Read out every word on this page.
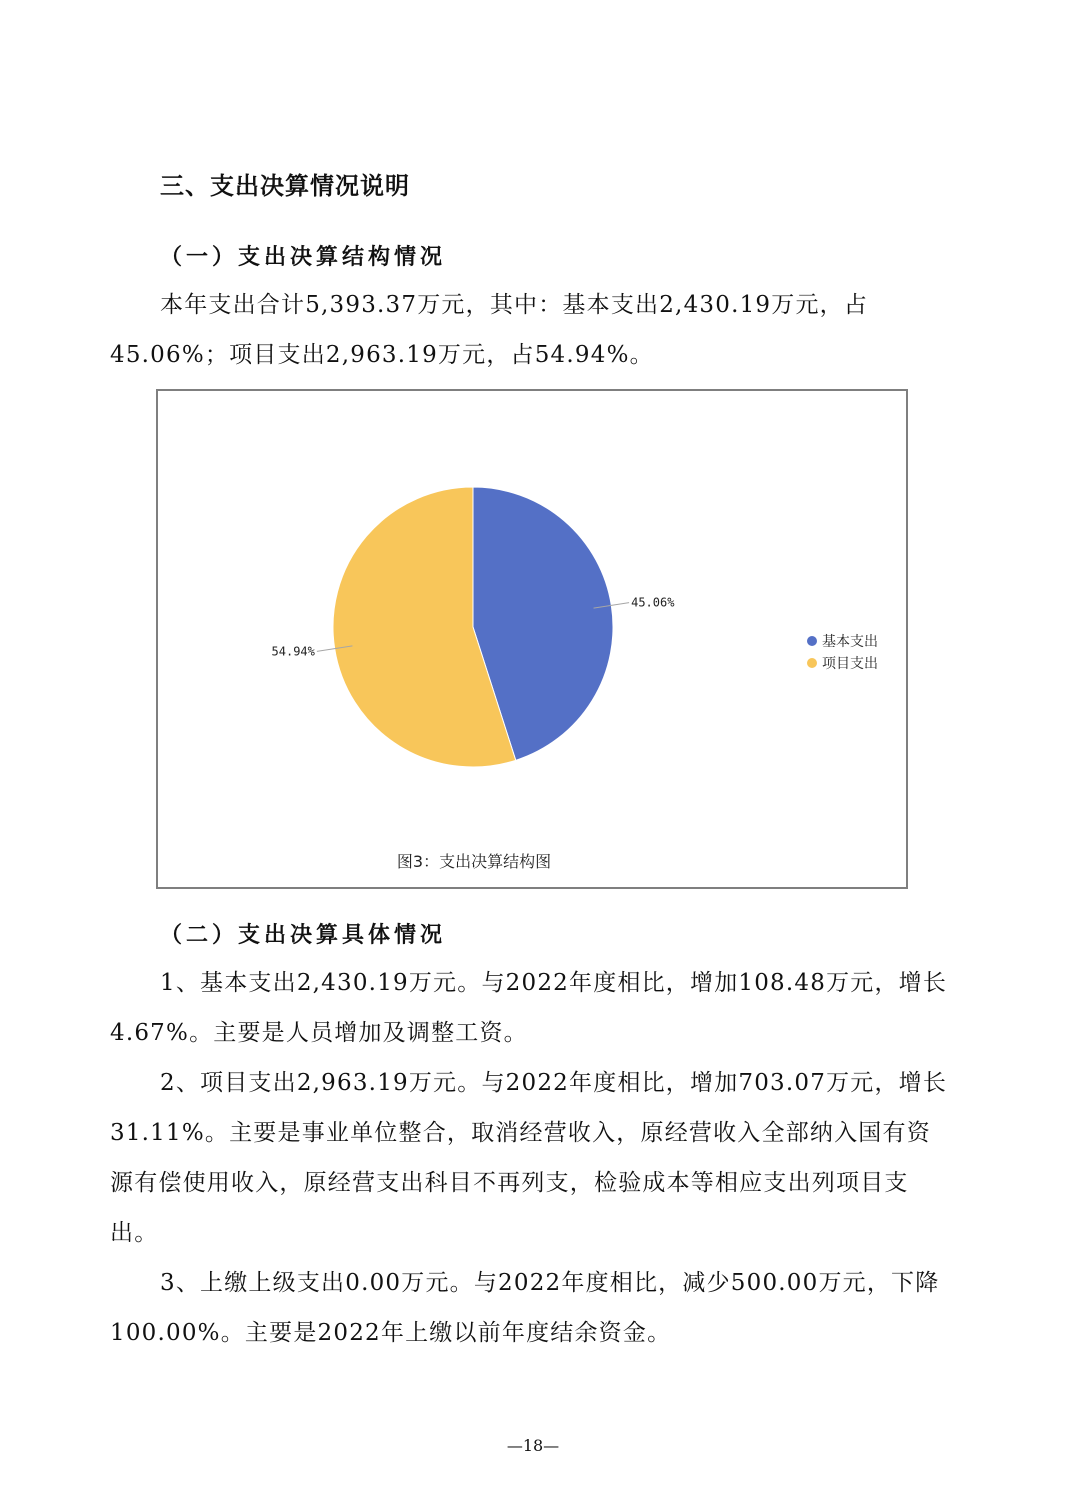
三、支出决算情况说明
（一）支出决算结构情况

本年支出合计5,393.37万元，其中：基本支出2,430.19万元，占45.06%；项目支出2,963.19万元，占54.94%。

45.06%
54.94%
基本支出
项目支出
图3：支出决算结构图
（二）支出决算具体情况

1、基本支出2,430.19万元。与2022年度相比，增加108.48万元，增长4.67%。主要是人员增加及调整工资。

2、项目支出2,963.19万元。与2022年度相比，增加703.07万元，增长31.11%。主要是事业单位整合，取消经营收入，原经营收入全部纳入国有资源有偿使用收入，原经营支出科目不再列支，检验成本等相应支出列项目支出。

3、上缴上级支出0.00万元。与2022年度相比，减少500.00万元，下降100.00%。主要是2022年上缴以前年度结余资金。

—18—
